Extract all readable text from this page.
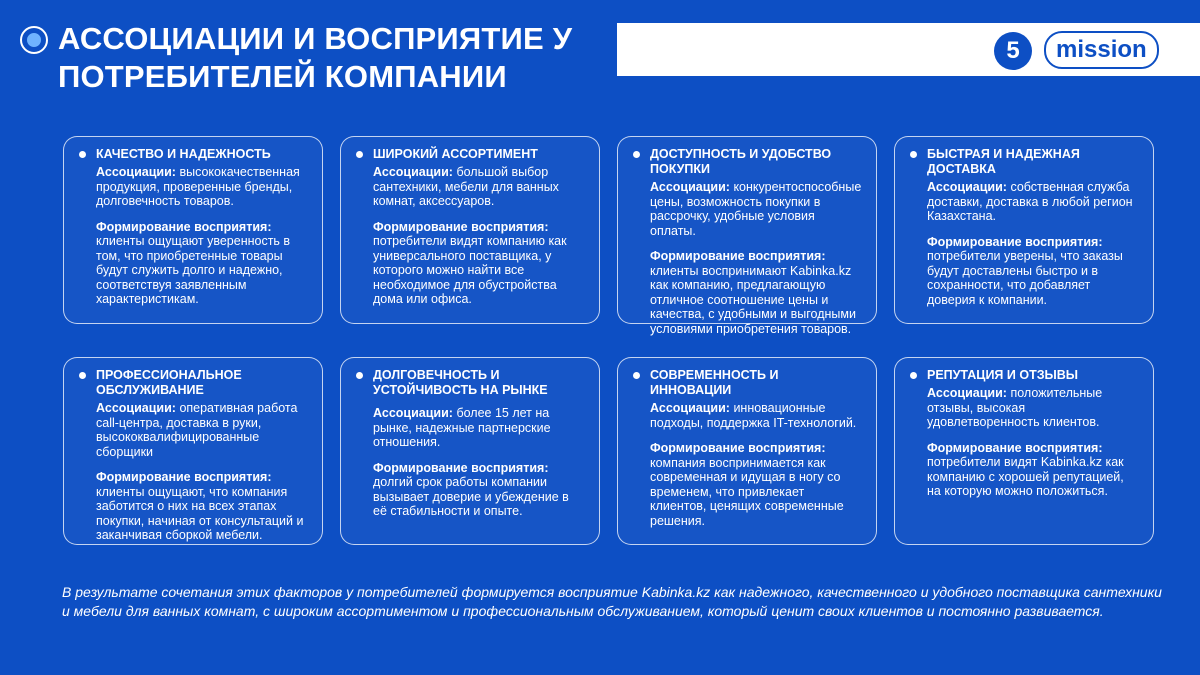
АССОЦИАЦИИ И ВОСПРИЯТИЕ У
ПОТРЕБИТЕЛЕЙ КОМПАНИИ
5	mission
КАЧЕСТВО И НАДЕЖНОСТЬ
Ассоциации: высококачественная продукция, проверенные бренды, долговечность товаров.
Формирование восприятия:
клиенты ощущают уверенность в том, что приобретенные товары будут служить долго и надежно, соответствуя заявленным характеристикам.
ШИРОКИЙ АССОРТИМЕНТ
Ассоциации: большой выбор сантехники, мебели для ванных комнат, аксессуаров.
Формирование восприятия:
потребители видят компанию как универсального поставщика, у которого можно найти все необходимое для обустройства дома или офиса.
ДОСТУПНОСТЬ И УДОБСТВО ПОКУПКИ
Ассоциации: конкурентоспособные цены, возможность покупки в рассрочку, удобные условия оплаты.
Формирование восприятия:
клиенты воспринимают Kabinka.kz как компанию, предлагающую отличное соотношение цены и качества, с удобными и выгодными условиями приобретения товаров.
БЫСТРАЯ И НАДЕЖНАЯ ДОСТАВКА
Ассоциации: собственная служба доставки, доставка в любой регион Казахстана.
Формирование восприятия:
потребители уверены, что заказы будут доставлены быстро и в сохранности, что добавляет доверия к компании.
ПРОФЕССИОНАЛЬНОЕ ОБСЛУЖИВАНИЕ
Ассоциации: оперативная работа call-центра, доставка в руки, высококвалифицированные сборщики
Формирование восприятия:
клиенты ощущают, что компания заботится о них на всех этапах покупки, начиная от консультаций и заканчивая сборкой мебели.
ДОЛГОВЕЧНОСТЬ И УСТОЙЧИВОСТЬ НА РЫНКЕ
Ассоциации: более 15 лет на рынке, надежные партнерские отношения.
Формирование восприятия:
долгий срок работы компании вызывает доверие и убеждение в её стабильности и опыте.
СОВРЕМЕННОСТЬ И ИННОВАЦИИ
Ассоциации: инновационные подходы, поддержка IT-технологий.
Формирование восприятия:
компания воспринимается как современная и идущая в ногу со временем, что привлекает клиентов, ценящих современные решения.
РЕПУТАЦИЯ И ОТЗЫВЫ
Ассоциации: положительные отзывы, высокая удовлетворенность клиентов.
Формирование восприятия:
потребители видят Kabinka.kz как компанию с хорошей репутацией, на которую можно положиться.
В результате сочетания этих факторов у потребителей формируется восприятие Kabinka.kz как надежного, качественного и удобного поставщика сантехники и мебели для ванных комнат, с широким ассортиментом и профессиональным обслуживанием, который ценит своих клиентов и постоянно развивается.
